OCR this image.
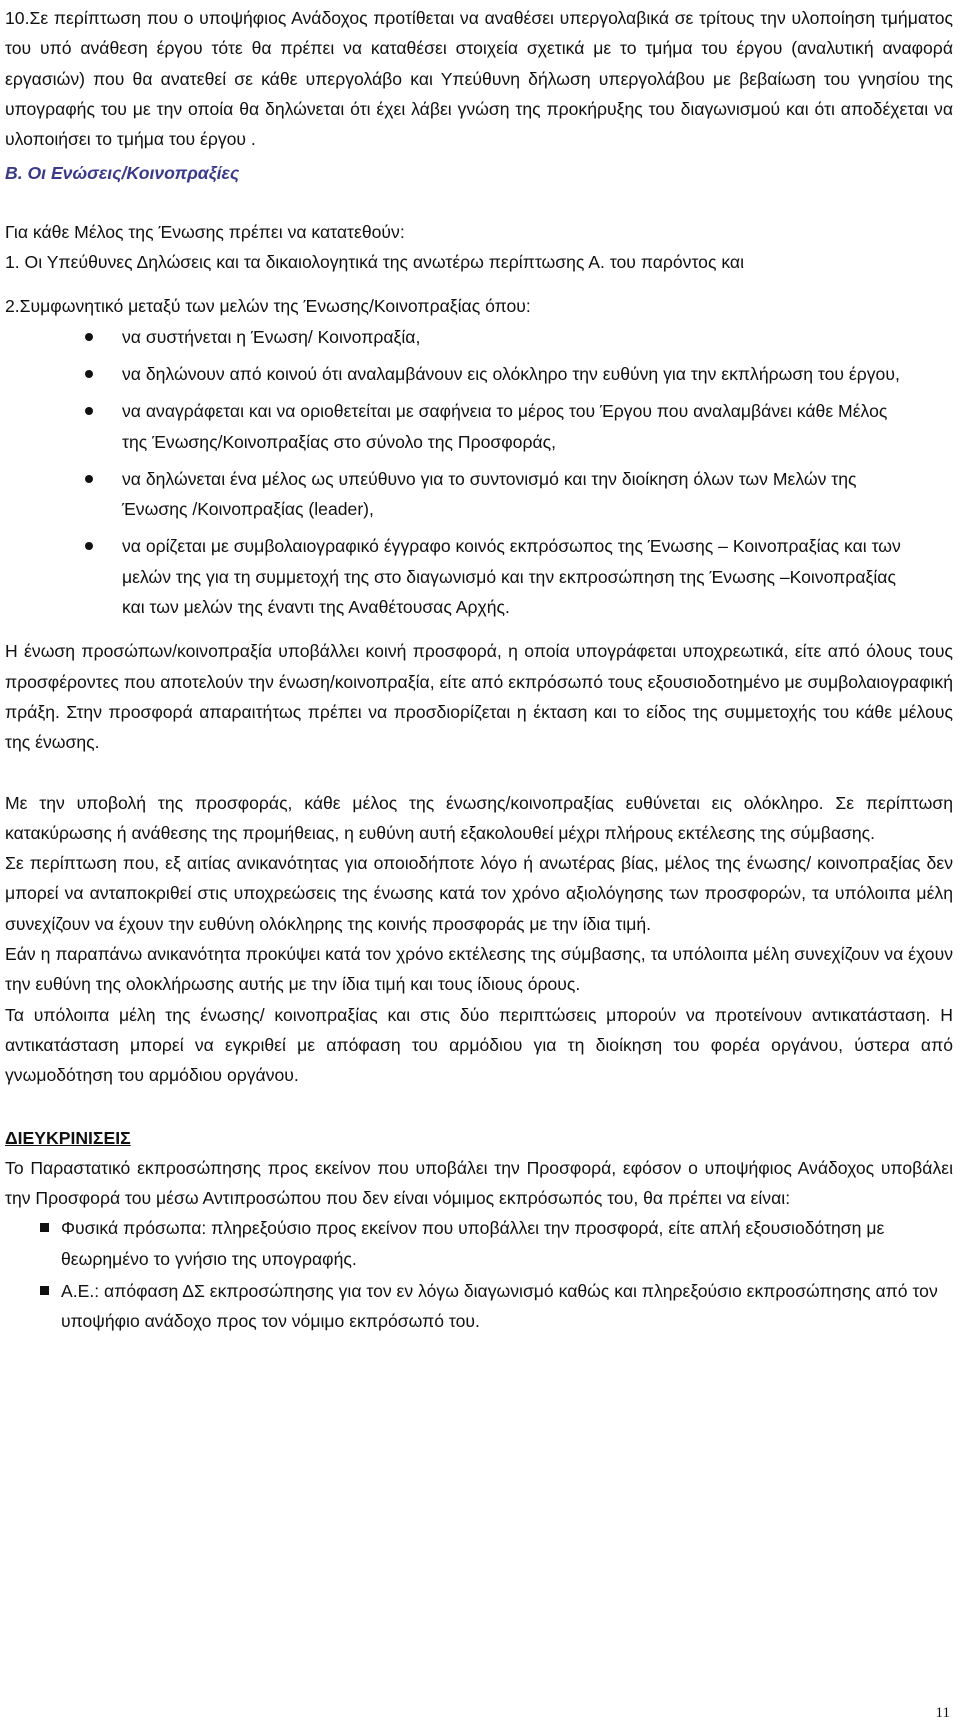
10.Σε περίπτωση που ο υποψήφιος Ανάδοχος προτίθεται να αναθέσει υπεργολαβικά σε τρίτους την υλοποίηση τμήματος του υπό ανάθεση έργου τότε θα πρέπει να καταθέσει στοιχεία σχετικά με το τμήμα του έργου (αναλυτική αναφορά εργασιών) που θα ανατεθεί σε κάθε υπεργολάβο και Υπεύθυνη δήλωση υπεργολάβου με βεβαίωση του γνησίου της υπογραφής του με την οποία θα δηλώνεται ότι έχει λάβει γνώση της προκήρυξης του διαγωνισμού και ότι αποδέχεται να υλοποιήσει το τμήμα του έργου .

B. Οι Ενώσεις/Κοινοπραξίες

Για κάθε Μέλος της Ένωσης πρέπει να κατατεθούν:

1. Οι Υπεύθυνες Δηλώσεις και τα δικαιολογητικά της ανωτέρω περίπτωσης Α. του παρόντος και

2.Συμφωνητικό μεταξύ των μελών της Ένωσης/Κοινοπραξίας όπου:

να συστήνεται η Ένωση/ Κοινοπραξία,
να δηλώνουν από κοινού ότι αναλαμβάνουν εις ολόκληρο την ευθύνη για την εκπλήρωση του έργου,
να αναγράφεται και να οριοθετείται με σαφήνεια το μέρος του Έργου που αναλαμβάνει κάθε Μέλος της Ένωσης/Κοινοπραξίας στο σύνολο της Προσφοράς,
να δηλώνεται ένα μέλος ως υπεύθυνο για το συντονισμό και την διοίκηση όλων των Μελών της Ένωσης /Κοινοπραξίας (leader),
να ορίζεται με συμβολαιογραφικό έγγραφο κοινός εκπρόσωπος της Ένωσης – Κοινοπραξίας και των μελών της για τη συμμετοχή της στο διαγωνισμό και την εκπροσώπηση της Ένωσης –Κοινοπραξίας και των μελών της έναντι της Αναθέτουσας Αρχής.

Η ένωση προσώπων/κοινοπραξία υποβάλλει κοινή προσφορά, η οποία υπογράφεται υποχρεωτικά, είτε από όλους τους προσφέροντες που αποτελούν την ένωση/κοινοπραξία, είτε από εκπρόσωπό τους εξουσιοδοτημένο με συμβολαιογραφική πράξη. Στην προσφορά απαραιτήτως πρέπει να προσδιορίζεται η έκταση και το είδος της συμμετοχής του κάθε μέλους της ένωσης.

Με την υποβολή της προσφοράς, κάθε μέλος της ένωσης/κοινοπραξίας ευθύνεται εις ολόκληρο. Σε περίπτωση κατακύρωσης ή ανάθεσης της προμήθειας, η ευθύνη αυτή εξακολουθεί μέχρι πλήρους εκτέλεσης της σύμβασης.

Σε περίπτωση που, εξ αιτίας ανικανότητας για οποιοδήποτε λόγο ή ανωτέρας βίας, μέλος της ένωσης/ κοινοπραξίας δεν μπορεί να ανταποκριθεί στις υποχρεώσεις της ένωσης κατά τον χρόνο αξιολόγησης των προσφορών, τα υπόλοιπα μέλη συνεχίζουν να έχουν την ευθύνη ολόκληρης της κοινής προσφοράς με την ίδια τιμή.

Εάν η παραπάνω ανικανότητα προκύψει κατά τον χρόνο εκτέλεσης της σύμβασης, τα υπόλοιπα μέλη συνεχίζουν να έχουν την ευθύνη της ολοκλήρωσης αυτής με την ίδια τιμή και τους ίδιους όρους.

Τα υπόλοιπα μέλη της ένωσης/ κοινοπραξίας και στις δύο περιπτώσεις μπορούν να προτείνουν αντικατάσταση. Η αντικατάσταση μπορεί να εγκριθεί με απόφαση του αρμόδιου για τη διοίκηση του φορέα οργάνου, ύστερα από γνωμοδότηση του αρμόδιου οργάνου.

ΔΙΕΥΚΡΙΝΙΣΕΙΣ

Το Παραστατικό εκπροσώπησης προς εκείνον που υποβάλει την Προσφορά, εφόσον ο υποψήφιος Ανάδοχος υποβάλει την Προσφορά του μέσω Αντιπροσώπου που δεν είναι νόμιμος εκπρόσωπός του, θα πρέπει να είναι:

Φυσικά πρόσωπα: πληρεξούσιο προς εκείνον που υποβάλλει την προσφορά, είτε απλή εξουσιοδότηση με θεωρημένο το γνήσιο της υπογραφής.
Α.Ε.: απόφαση ΔΣ εκπροσώπησης για τον εν λόγω διαγωνισμό καθώς και πληρεξούσιο εκπροσώπησης από τον υποψήφιο ανάδοχο προς τον νόμιμο εκπρόσωπό του.
11
